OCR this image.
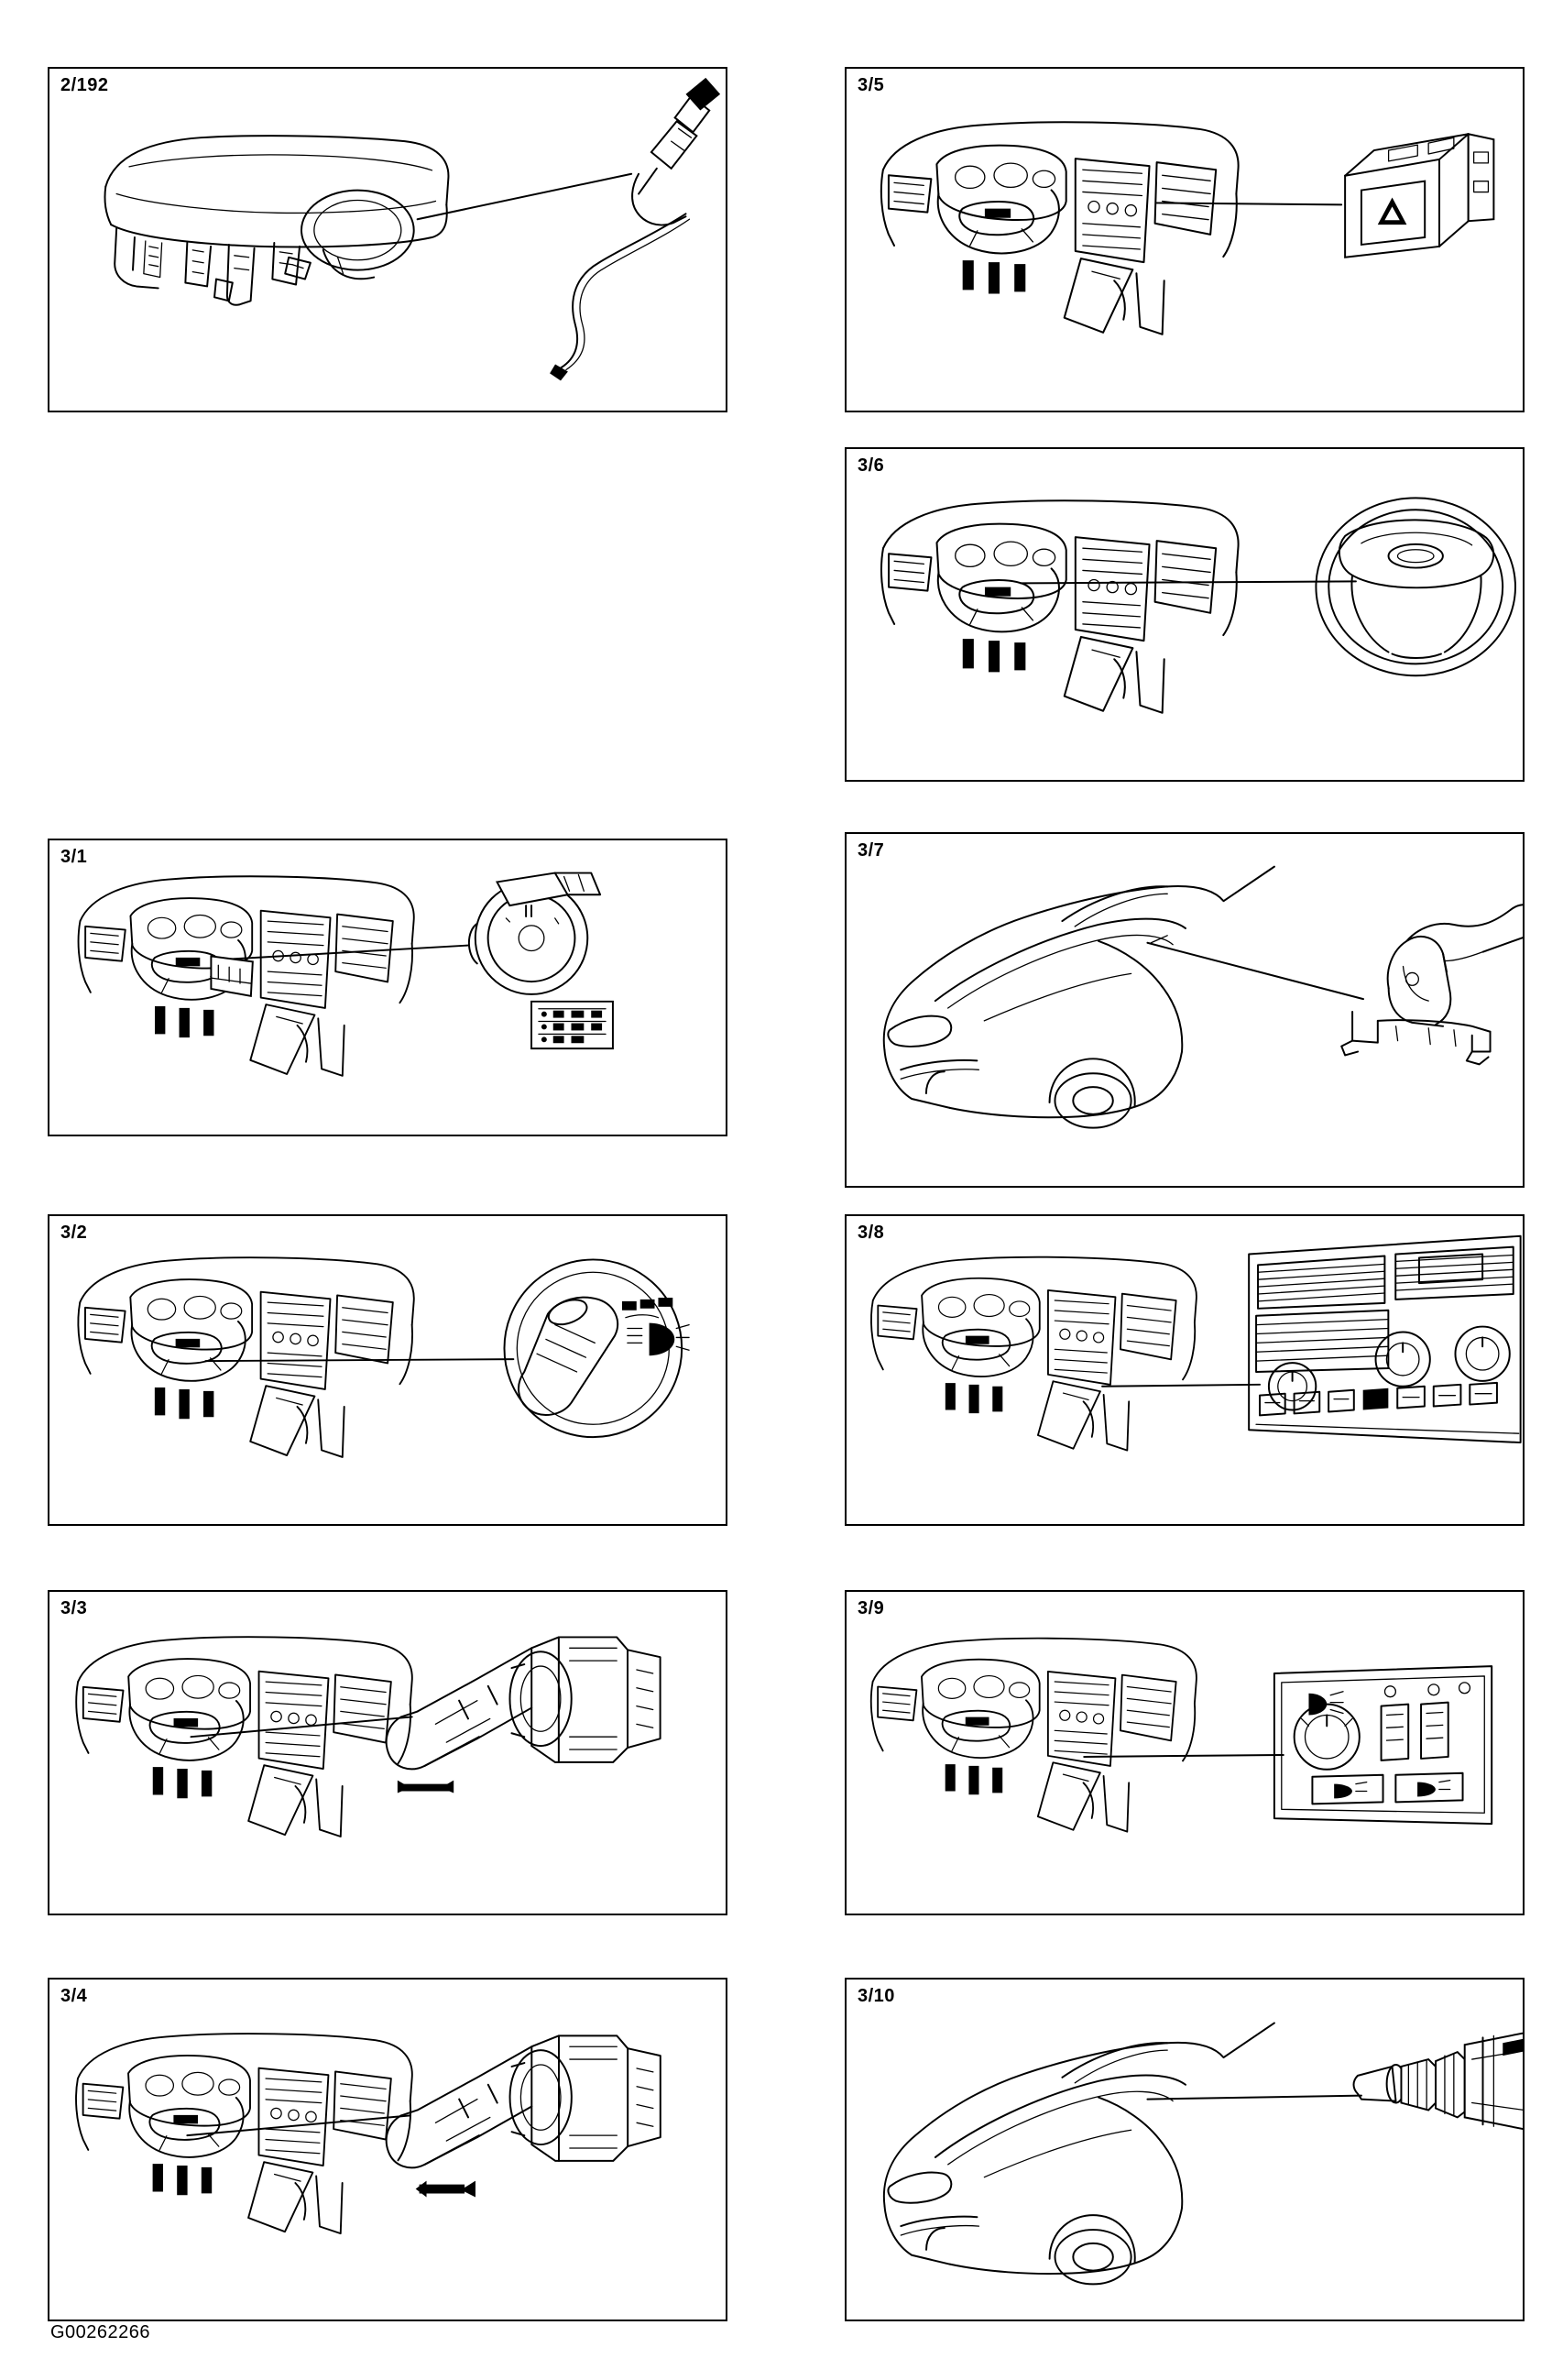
2/192	3/5
3/6
3/1	3/7
3/2	3/8
3/3	3/9
3/4	3/10
G00262266
